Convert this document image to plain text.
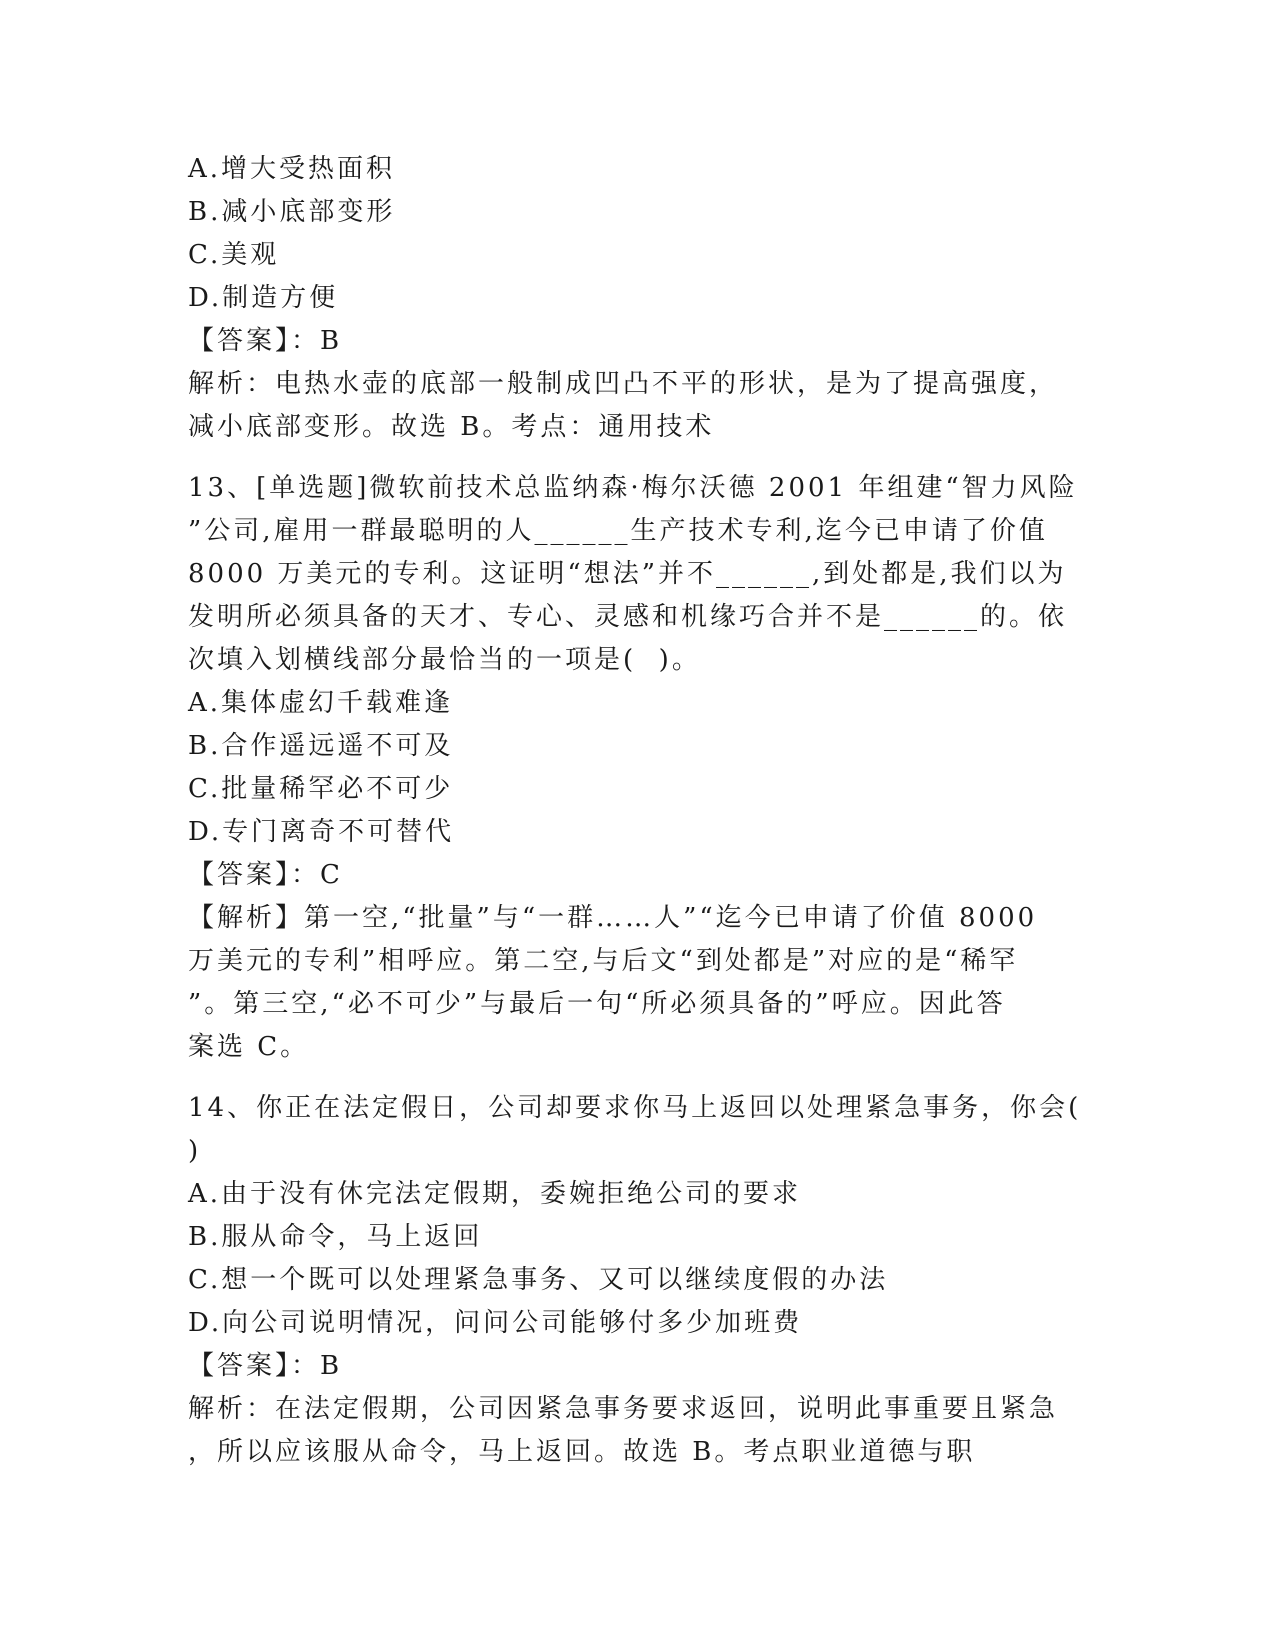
A.增大受热面积
B.减小底部变形
C.美观
D.制造方便
【答案】：B
解析：电热水壶的底部一般制成凹凸不平的形状，是为了提高强度，
减小底部变形。故选 B。考点：通用技术
13、[单选题]微软前技术总监纳森·梅尔沃德 2001 年组建“智力风险
”公司,雇用一群最聪明的人______生产技术专利,迄今已申请了价值
8000 万美元的专利。这证明“想法”并不______,到处都是,我们以为
发明所必须具备的天才、专心、灵感和机缘巧合并不是______的。依
次填入划横线部分最恰当的一项是(  )。
A.集体虚幻千载难逢
B.合作遥远遥不可及
C.批量稀罕必不可少
D.专门离奇不可替代
【答案】：C
【解析】第一空,“批量”与“一群……人”“迄今已申请了价值 8000
万美元的专利”相呼应。第二空,与后文“到处都是”对应的是“稀罕
”。第三空,“必不可少”与最后一句“所必须具备的”呼应。因此答
案选 C。
14、你正在法定假日，公司却要求你马上返回以处理紧急事务，你会(
)
A.由于没有休完法定假期，委婉拒绝公司的要求
B.服从命令，马上返回
C.想一个既可以处理紧急事务、又可以继续度假的办法
D.向公司说明情况，问问公司能够付多少加班费
【答案】：B
解析：在法定假期，公司因紧急事务要求返回，说明此事重要且紧急
，所以应该服从命令，马上返回。故选 B。考点职业道德与职
